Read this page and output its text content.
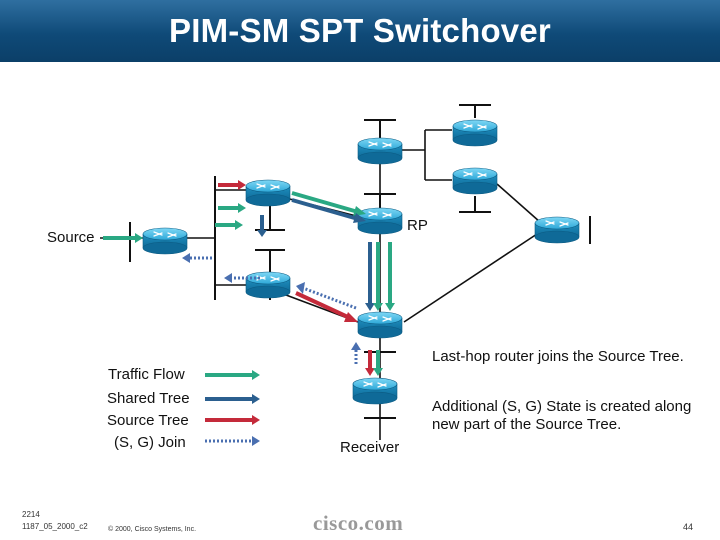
PIM-SM SPT Switchover
Source
RP
Receiver
Traffic Flow
Shared Tree
Source Tree
(S, G) Join
Last-hop router joins the Source Tree.
Additional (S, G) State is created along new part of the Source Tree.
2214
1187_05_2000_c2	© 2000, Cisco Systems, Inc.	cisco.com	44
